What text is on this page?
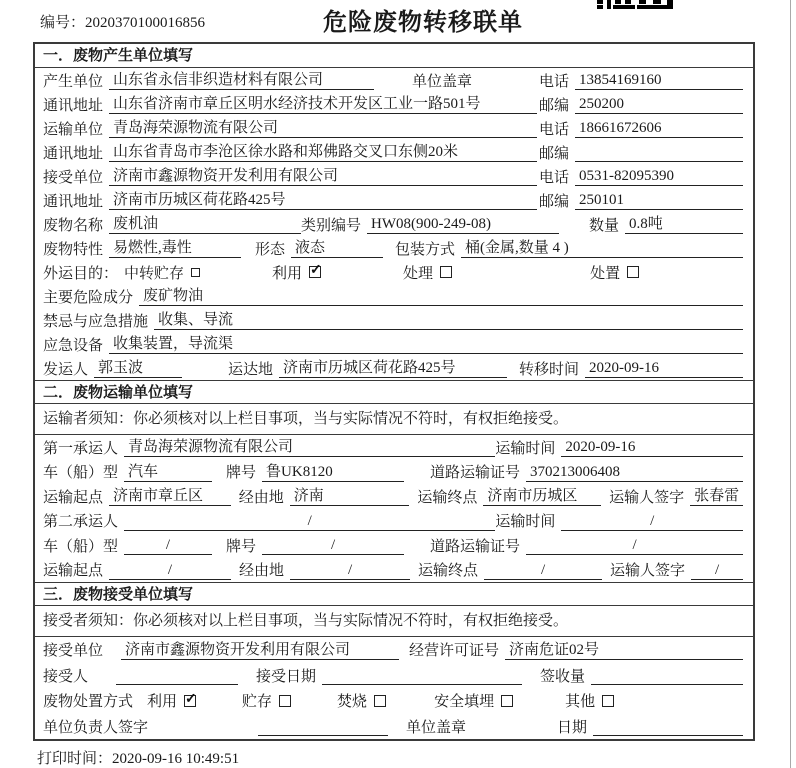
编号：2020370100016856	危险废物转移联单
一．废物产生单位填写
产生单位 山东省永信非织造材料有限公司	单位盖章	电话 13854169160
通讯地址 山东省济南市章丘区明水经济技术开发区工业一路501号	邮编 250200
运输单位 青岛海荣源物流有限公司	电话 18661672606
通讯地址 山东省青岛市李沧区徐水路和郑佛路交叉口东侧20米	邮编
接受单位 济南市鑫源物资开发利用有限公司	电话 0531-82095390
通讯地址 济南市历城区荷花路425号	邮编 250101
废物名称 废机油	类别编号 HW08(900-249-08)	数量 0.8吨
废物特性 易燃性,毒性	形态 液态	包装方式 桶(金属,数量 4 )
外运目的： 中转贮存	利用 ✓	处理	处置
主要危险成分 废矿物油
禁忌与应急措施 收集、导流
应急设备 收集装置，导流渠
发运人 郭玉波	运达地 济南市历城区荷花路425号	转移时间 2020-09-16
二．废物运输单位填写
运输者须知：你必须核对以上栏目事项，当与实际情况不符时，有权拒绝接受。
第一承运人 青岛海荣源物流有限公司	运输时间 2020-09-16
车（船）型 汽车	牌号 鲁UK8120	道路运输证号 370213006408
运输起点 济南市章丘区	经由地 济南	运输终点 济南市历城区	运输人签字 张春雷
第二承运人	/	运输时间	/
车（船）型	/	牌号	/	道路运输证号	/
运输起点	/	经由地	/	运输终点	/	运输人签字	/
三．废物接受单位填写
接受者须知：你必须核对以上栏目事项，当与实际情况不符时，有权拒绝接受。
接受单位 济南市鑫源物资开发利用有限公司	经营许可证号 济南危证02号
接受人	接受日期	签收量
废物处置方式 利用 ✓	贮存	焚烧	安全填埋	其他
单位负责人签字	单位盖章	日期
打印时间：2020-09-16 10:49:51
